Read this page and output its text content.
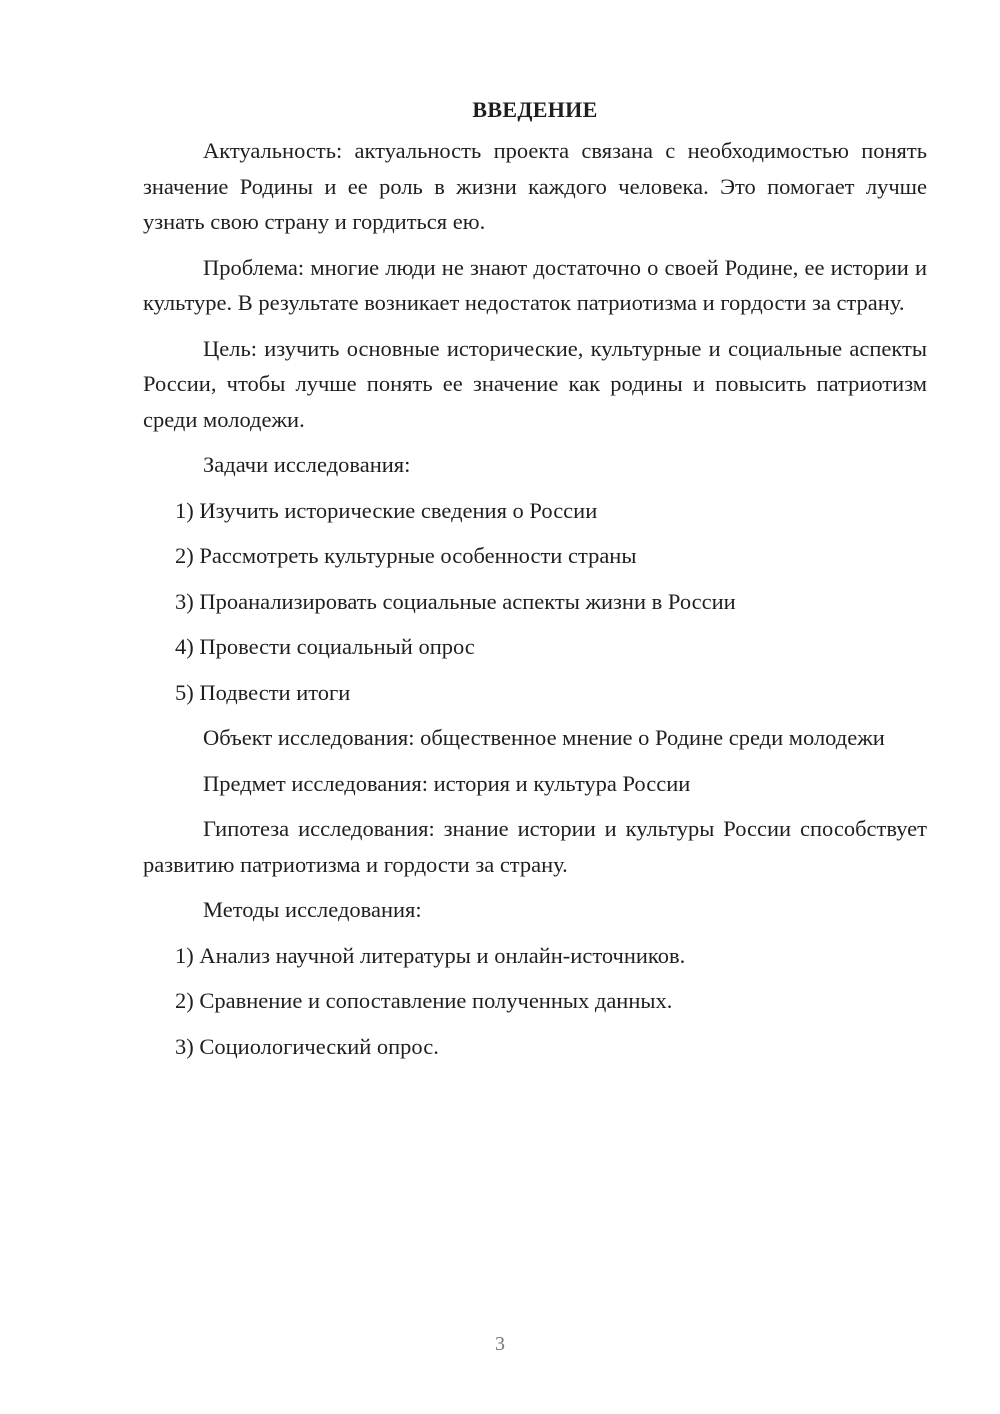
ВВЕДЕНИЕ

Актуальность: актуальность проекта связана с необходимостью понять значение Родины и ее роль в жизни каждого человека. Это помогает лучше узнать свою страну и гордиться ею.

Проблема: многие люди не знают достаточно о своей Родине, ее истории и культуре. В результате возникает недостаток патриотизма и гордости за страну.

Цель: изучить основные исторические, культурные и социальные аспекты России, чтобы лучше понять ее значение как родины и повысить патриотизм среди молодежи.

Задачи исследования:

1) Изучить исторические сведения о России
2) Рассмотреть культурные особенности страны
3) Проанализировать социальные аспекты жизни в России
4) Провести социальный опрос
5) Подвести итоги

Объект исследования: общественное мнение о Родине среди молодежи

Предмет исследования: история и культура России

Гипотеза исследования: знание истории и культуры России способствует развитию патриотизма и гордости за страну.

Методы исследования:

1) Анализ научной литературы и онлайн-источников.
2) Сравнение и сопоставление полученных данных.
3) Социологический опрос.
3
